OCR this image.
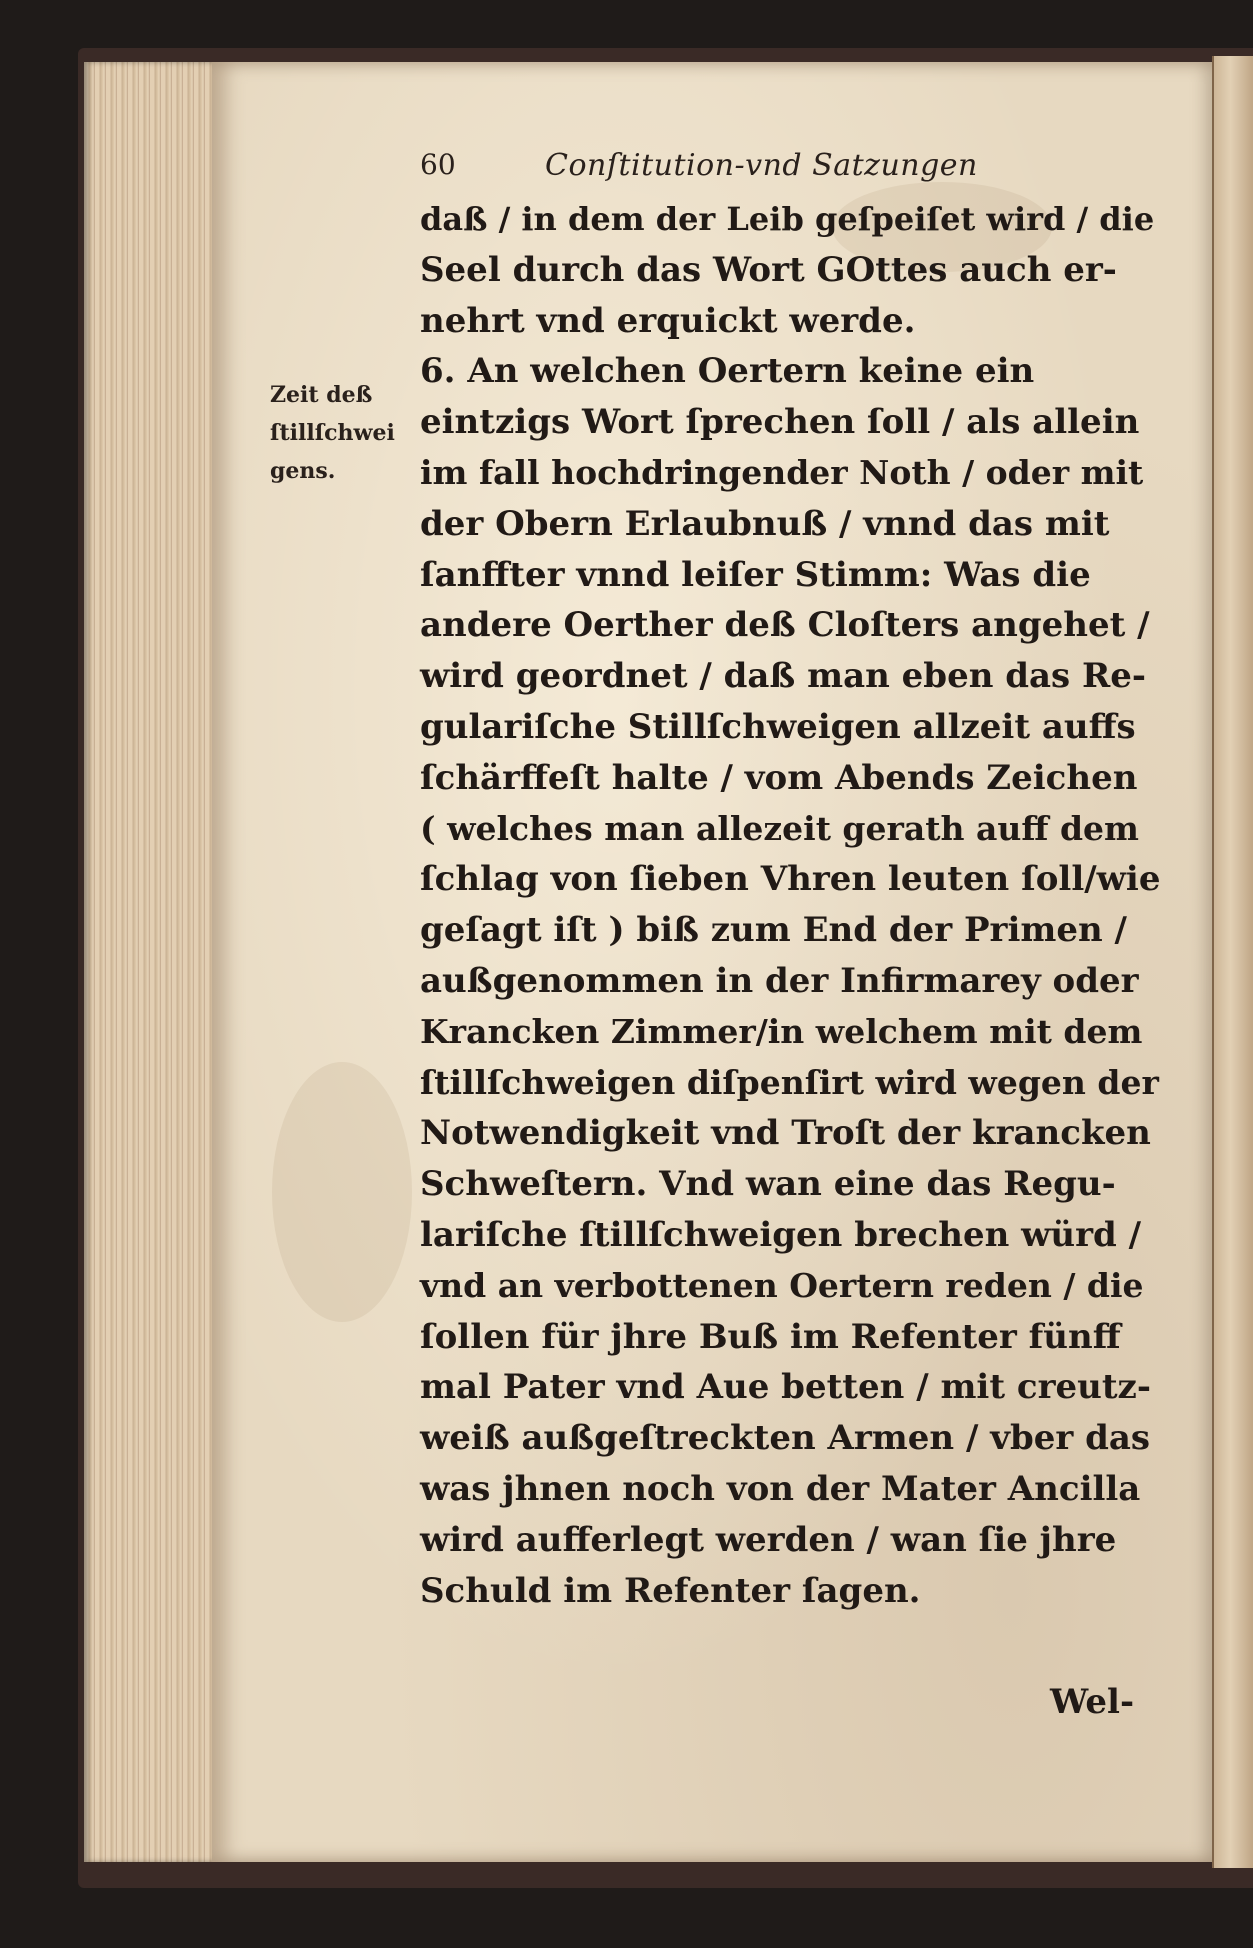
60	Conſtitution-vnd Satzungen
Zeit deß
ſtillſchwei
gens.
daß / in dem der Leib geſpeiſet wird / die
Seel durch das Wort GOttes auch er-
nehrt vnd erquickt werde.
6. An welchen Oertern keine ein
eintzigs Wort ſprechen ſoll / als allein
im fall hochdringender Noth / oder mit
der Obern Erlaubnuß / vnnd das mit
ſanffter vnnd leiſer Stimm: Was die
andere Oerther deß Cloſters angehet /
wird geordnet / daß man eben das Re-
gulariſche Stillſchweigen allzeit auffs
ſchärffeſt halte / vom Abends Zeichen
( welches man allezeit gerath auff dem
ſchlag von ſieben Vhren leuten ſoll/wie
geſagt iſt ) biß zum End der Primen /
außgenommen in der Infirmarey oder
Krancken Zimmer/in welchem mit dem
ſtillſchweigen diſpenſirt wird wegen der
Notwendigkeit vnd Troſt der krancken
Schweſtern. Vnd wan eine das Regu-
lariſche ſtillſchweigen brechen würd /
vnd an verbottenen Oertern reden / die
ſollen für jhre Buß im Refenter fünff
mal Pater vnd Aue betten / mit creutz-
weiß außgeſtreckten Armen / vber das
was jhnen noch von der Mater Ancilla
wird aufferlegt werden / wan ſie jhre
Schuld im Refenter ſagen.
Wel-
